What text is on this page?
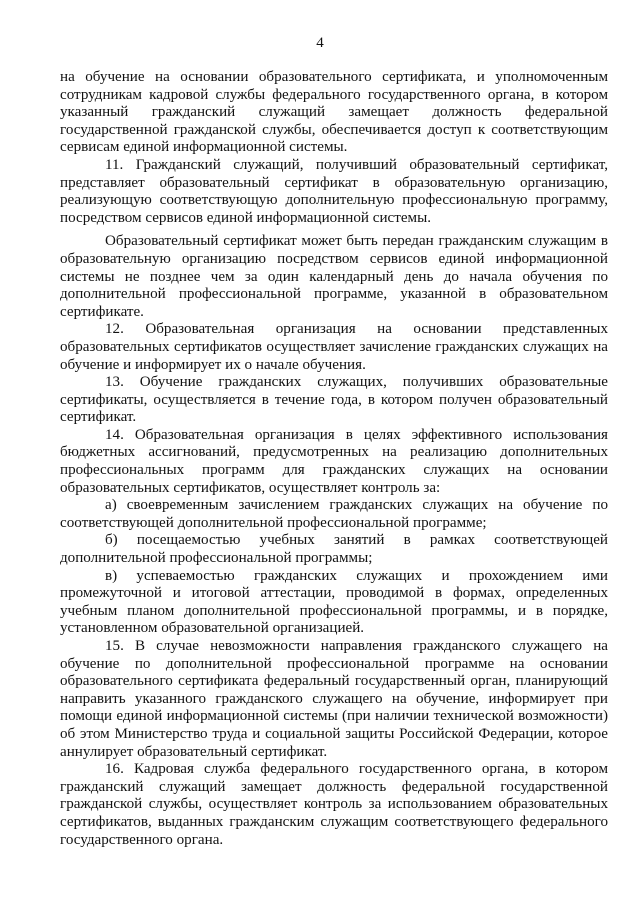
4

на обучение на основании образовательного сертификата, и уполномоченным сотрудникам кадровой службы федерального государственного органа, в котором указанный гражданский служащий замещает должность федеральной государственной гражданской службы, обеспечивается доступ к соответствующим сервисам единой информационной системы.

11. Гражданский служащий, получивший образовательный сертификат, представляет образовательный сертификат в образовательную организацию, реализующую соответствующую дополнительную профессиональную программу, посредством сервисов единой информационной системы.

Образовательный сертификат может быть передан гражданским служащим в образовательную организацию посредством сервисов единой информационной системы не позднее чем за один календарный день до начала обучения по дополнительной профессиональной программе, указанной в образовательном сертификате.

12. Образовательная организация на основании представленных образовательных сертификатов осуществляет зачисление гражданских служащих на обучение и информирует их о начале обучения.

13. Обучение гражданских служащих, получивших образовательные сертификаты, осуществляется в течение года, в котором получен образовательный сертификат.

14. Образовательная организация в целях эффективного использования бюджетных ассигнований, предусмотренных на реализацию дополнительных профессиональных программ для гражданских служащих на основании образовательных сертификатов, осуществляет контроль за:

а) своевременным зачислением гражданских служащих на обучение по соответствующей дополнительной профессиональной программе;

б) посещаемостью учебных занятий в рамках соответствующей дополнительной профессиональной программы;

в) успеваемостью гражданских служащих и прохождением ими промежуточной и итоговой аттестации, проводимой в формах, определенных учебным планом дополнительной профессиональной программы, и в порядке, установленном образовательной организацией.

15. В случае невозможности направления гражданского служащего на обучение по дополнительной профессиональной программе на основании образовательного сертификата федеральный государственный орган, планирующий направить указанного гражданского служащего на обучение, информирует при помощи единой информационной системы (при наличии технической возможности) об этом Министерство труда и социальной защиты Российской Федерации, которое аннулирует образовательный сертификат.

16. Кадровая служба федерального государственного органа, в котором гражданский служащий замещает должность федеральной государственной гражданской службы, осуществляет контроль за использованием образовательных сертификатов, выданных гражданским служащим соответствующего федерального государственного органа.
